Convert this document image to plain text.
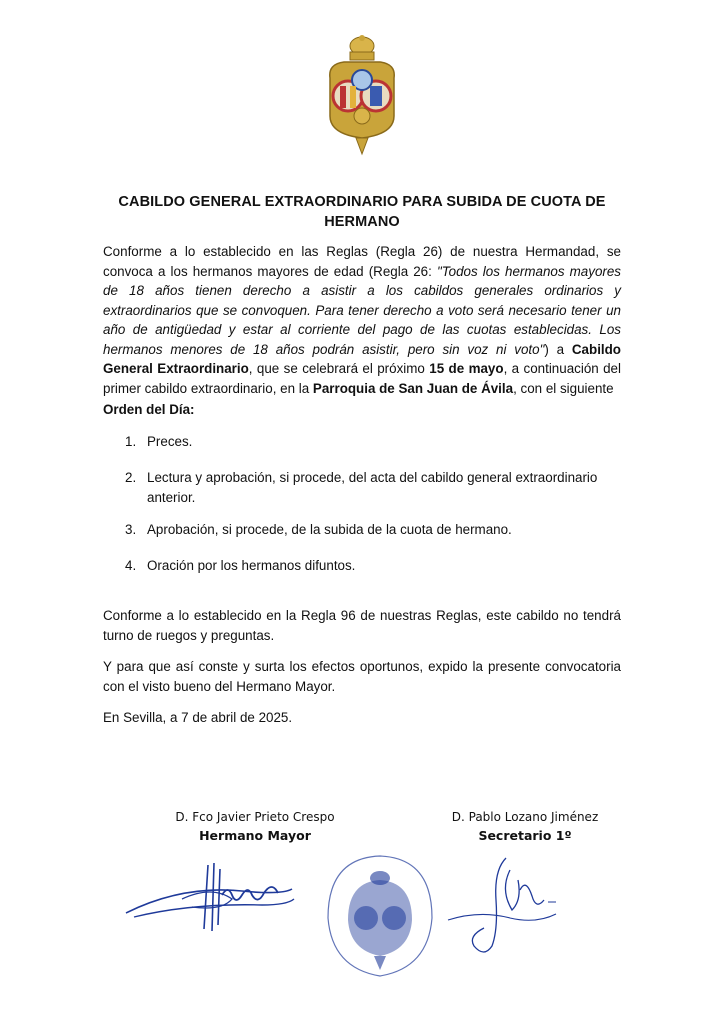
CABILDO GENERAL EXTRAORDINARIO PARA SUBIDA DE CUOTA DE HERMANO
Conforme a lo establecido en las Reglas (Regla 26) de nuestra Hermandad, se convoca a los hermanos mayores de edad (Regla 26: "Todos los hermanos mayores de 18 años tienen derecho a asistir a los cabildos generales ordinarios y extraordinarios que se convoquen. Para tener derecho a voto será necesario tener un año de antigüedad y estar al corriente del pago de las cuotas establecidas. Los hermanos menores de 18 años podrán asistir, pero sin voz ni voto") a Cabildo General Extraordinario, que se celebrará el próximo 15 de mayo, a continuación del primer cabildo extraordinario, en la Parroquia de San Juan de Ávila, con el siguiente
Orden del Día:
1. Preces.
2. Lectura y aprobación, si procede, del acta del cabildo general extraordinario anterior.
3. Aprobación, si procede, de la subida de la cuota de hermano.
4. Oración por los hermanos difuntos.
Conforme a lo establecido en la Regla 96 de nuestras Reglas, este cabildo no tendrá turno de ruegos y preguntas.
Y para que así conste y surta los efectos oportunos, expido la presente convocatoria con el visto bueno del Hermano Mayor.
En Sevilla, a 7 de abril de 2025.
D. Fco Javier Prieto Crespo
Hermano Mayor
D. Pablo Lozano Jiménez
Secretario 1º
